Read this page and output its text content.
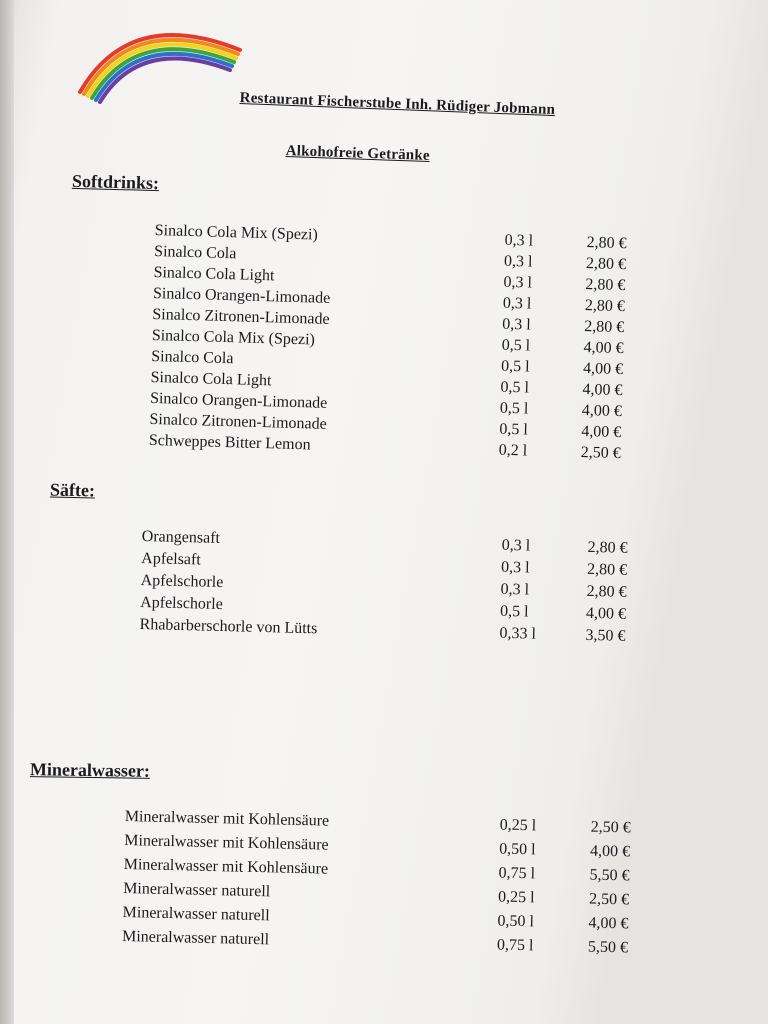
Restaurant Fischerstube Inh. Rüdiger Jobmann
Alkohofreie Getränke
Softdrinks:
Sinalco Cola Mix (Spezi)	0,3 l	2,80 €
Sinalco Cola	0,3 l	2,80 €
Sinalco Cola Light	0,3 l	2,80 €
Sinalco Orangen-Limonade	0,3 l	2,80 €
Sinalco Zitronen-Limonade	0,3 l	2,80 €
Sinalco Cola Mix (Spezi)	0,5 l	4,00 €
Sinalco Cola	0,5 l	4,00 €
Sinalco Cola Light	0,5 l	4,00 €
Sinalco Orangen-Limonade	0,5 l	4,00 €
Sinalco Zitronen-Limonade	0,5 l	4,00 €
Schweppes Bitter Lemon	0,2 l	2,50 €
Säfte:
Orangensaft	0,3 l	2,80 €
Apfelsaft	0,3 l	2,80 €
Apfelschorle	0,3 l	2,80 €
Apfelschorle	0,5 l	4,00 €
Rhabarberschorle von Lütts	0,33 l	3,50 €
Mineralwasser:
Mineralwasser mit Kohlensäure	0,25 l	2,50 €
Mineralwasser mit Kohlensäure	0,50 l	4,00 €
Mineralwasser mit Kohlensäure	0,75 l	5,50 €
Mineralwasser naturell	0,25 l	2,50 €
Mineralwasser naturell	0,50 l	4,00 €
Mineralwasser naturell	0,75 l	5,50 €
